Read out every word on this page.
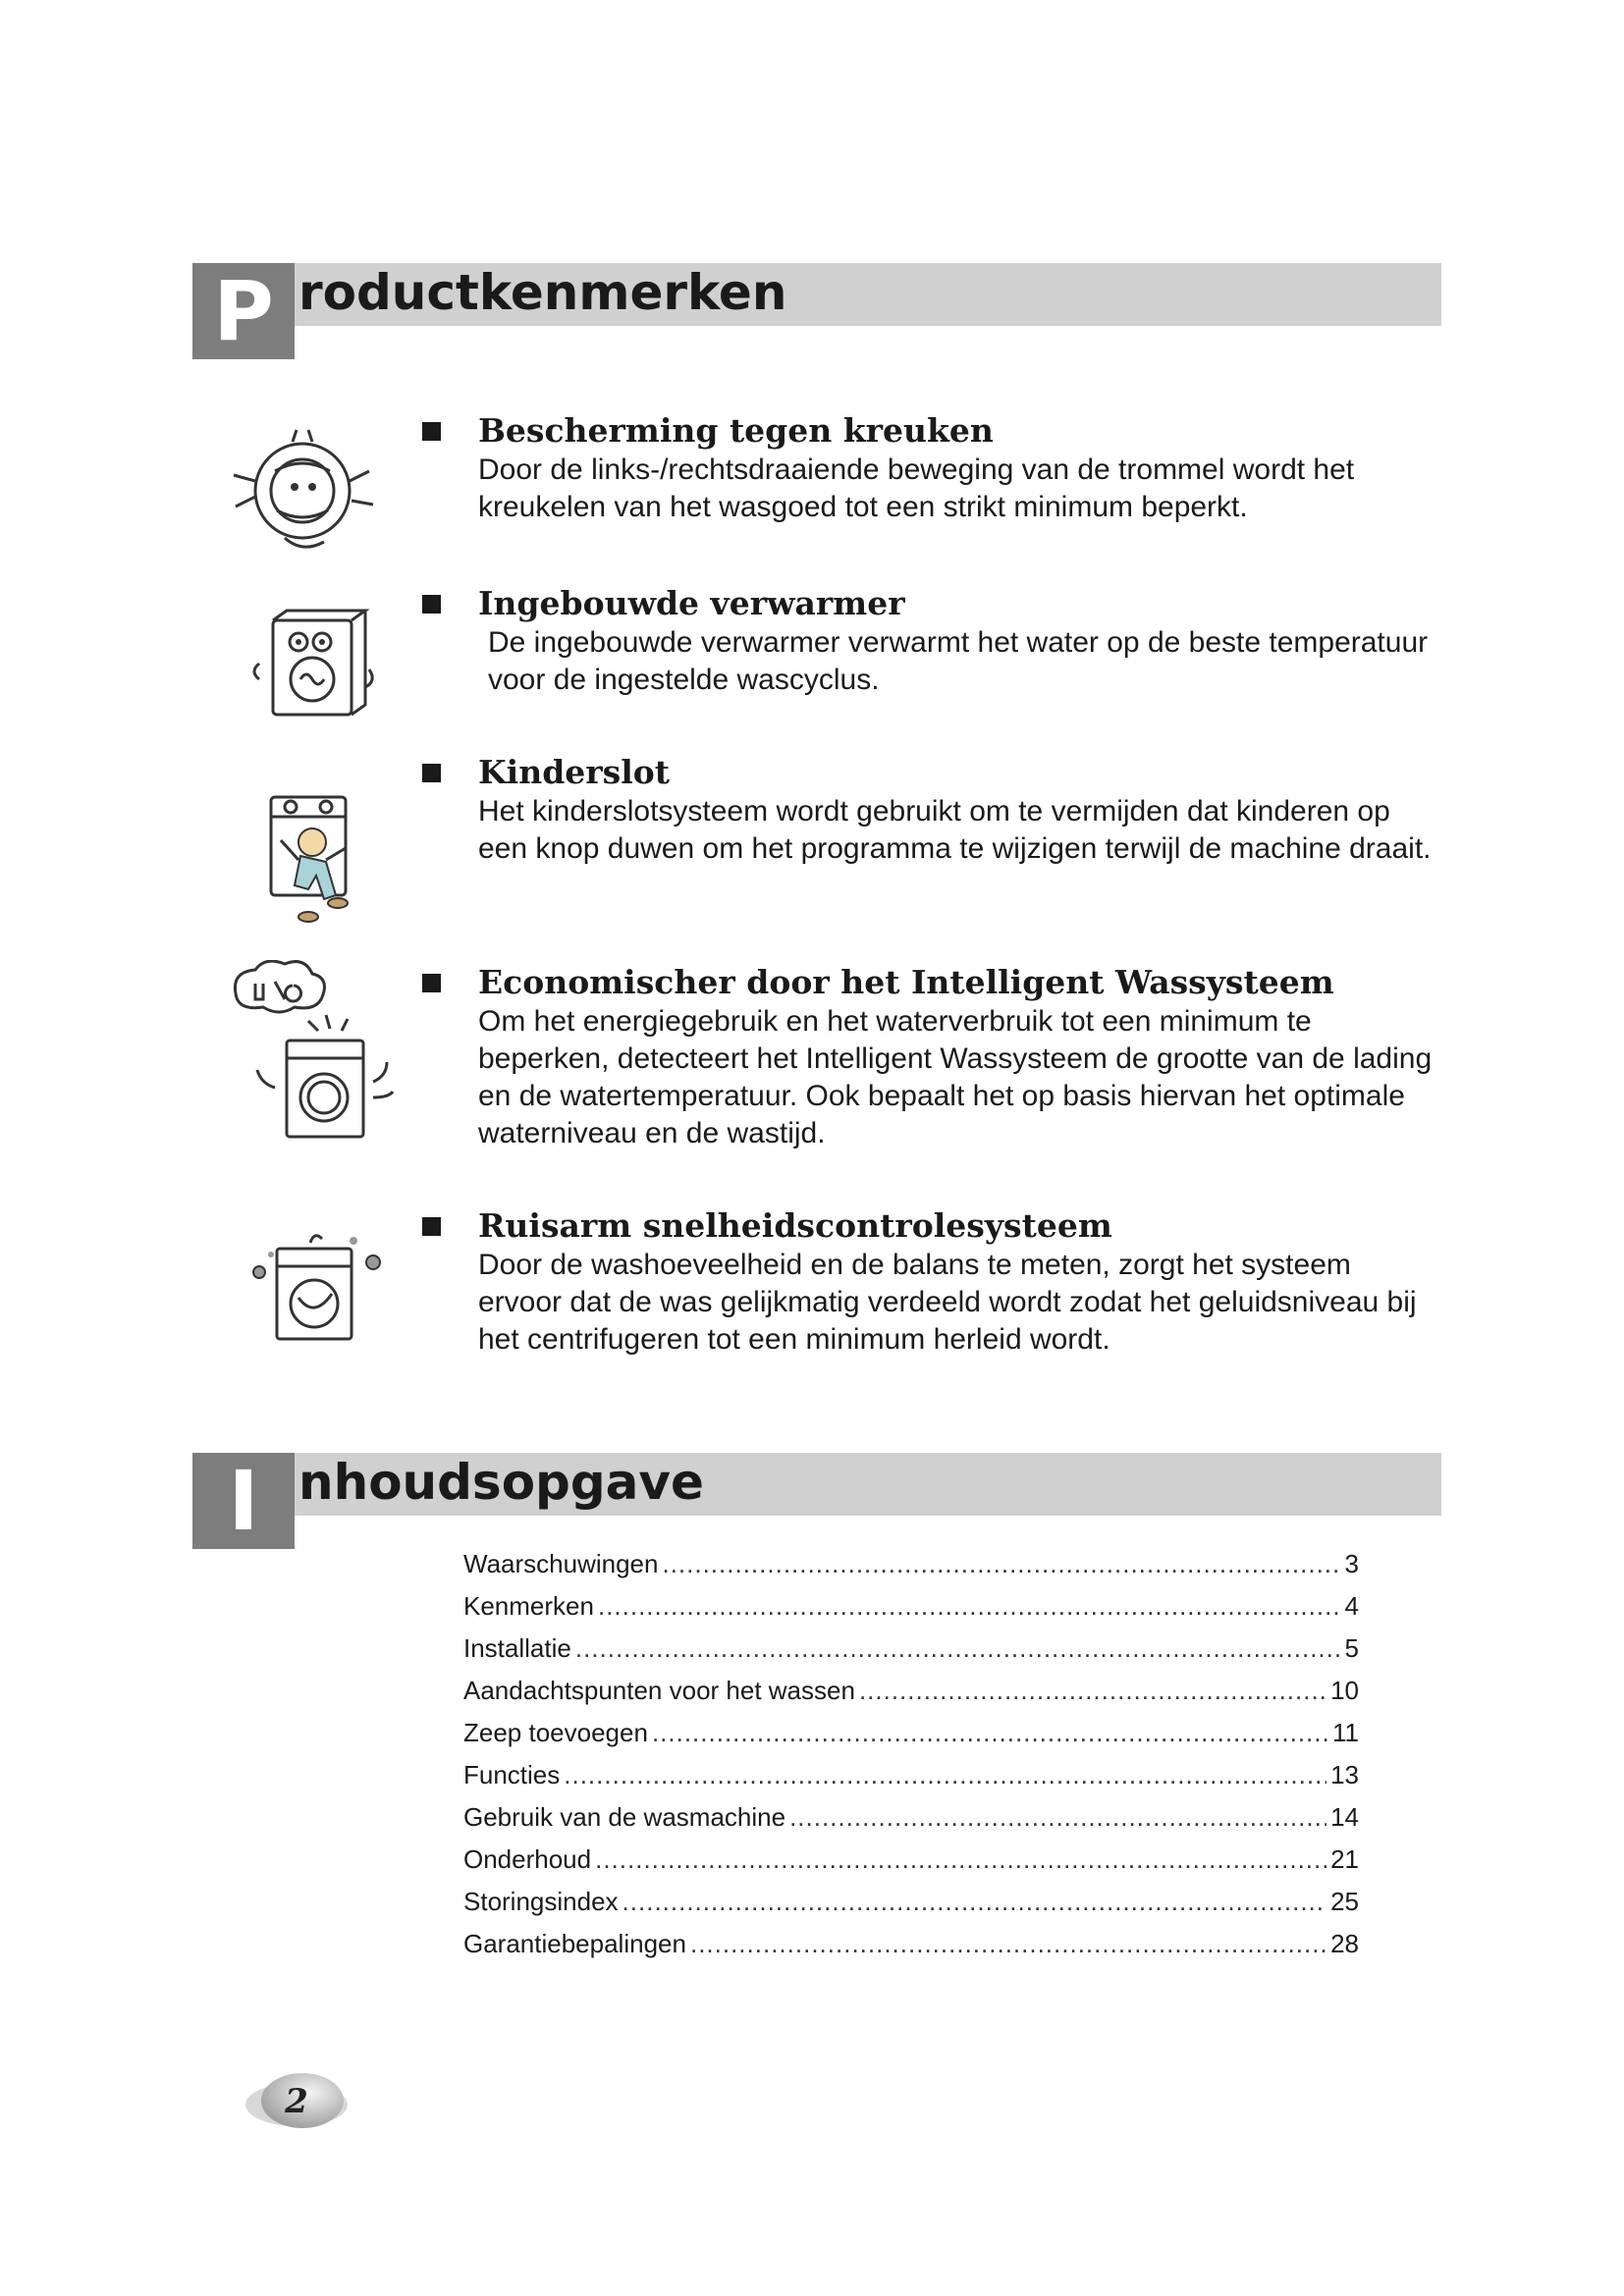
P roductkenmerken
Bescherming tegen kreuken
Door de links-/rechtsdraaiende beweging van de trommel wordt het kreukelen van het wasgoed tot een strikt minimum beperkt.
Ingebouwde verwarmer
De ingebouwde verwarmer verwarmt het water op de beste temperatuur voor de ingestelde wascyclus.
Kinderslot
Het kinderslotsysteem wordt gebruikt om te vermijden dat kinderen op een knop duwen om het programma te wijzigen terwijl de machine draait.
Economischer door het Intelligent Wassysteem
Om het energiegebruik en het waterverbruik tot een minimum te beperken, detecteert het Intelligent Wassysteem de grootte van de lading en de watertemperatuur. Ook bepaalt het op basis hiervan het optimale waterniveau en de wastijd.
Ruisarm snelheidscontrolesysteem
Door de washoeveelheid en de balans te meten, zorgt het systeem ervoor dat de was gelijkmatig verdeeld wordt zodat het geluidsniveau bij het centrifugeren tot een minimum herleid wordt.
I nhoudsopgave
Waarschuwingen .....	3
Kenmerken .....	4
Installatie .....	5
Aandachtspunten voor het wassen .....	10
Zeep toevoegen .....	11
Functies .....	13
Gebruik van de wasmachine .....	14
Onderhoud .....	21
Storingsindex .....	25
Garantiebepalingen .....	28
2
